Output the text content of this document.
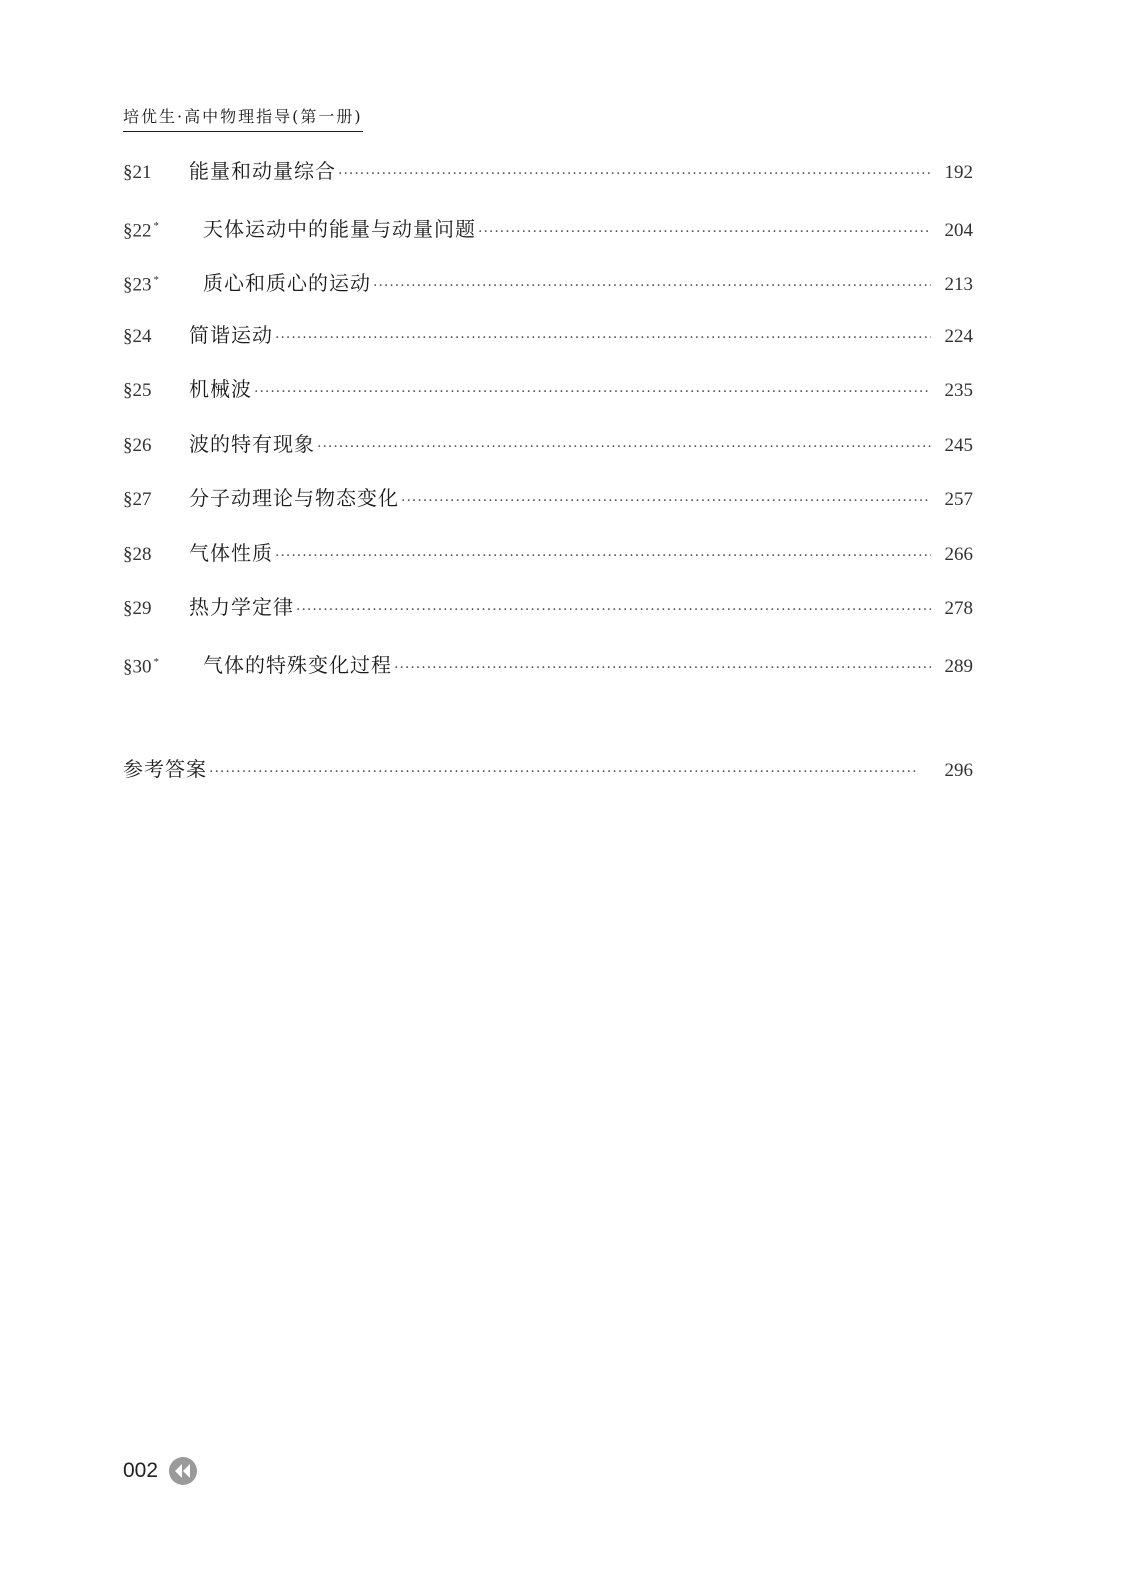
培优生·高中物理指导(第一册)
§21	能量和动量综合 ·····	192
§22 *	天体运动中的能量与动量问题 ·····	204
§23 *	质心和质心的运动 ·····	213
§24	简谐运动 ·····	224
§25	机械波 ·····	235
§26	波的特有现象 ·····	245
§27	分子动理论与物态变化 ·····	257
§28	气体性质 ·····	266
§29	热力学定律 ·····	278
§30 *	气体的特殊变化过程 ·····	289
参考答案 ·····	296
002
